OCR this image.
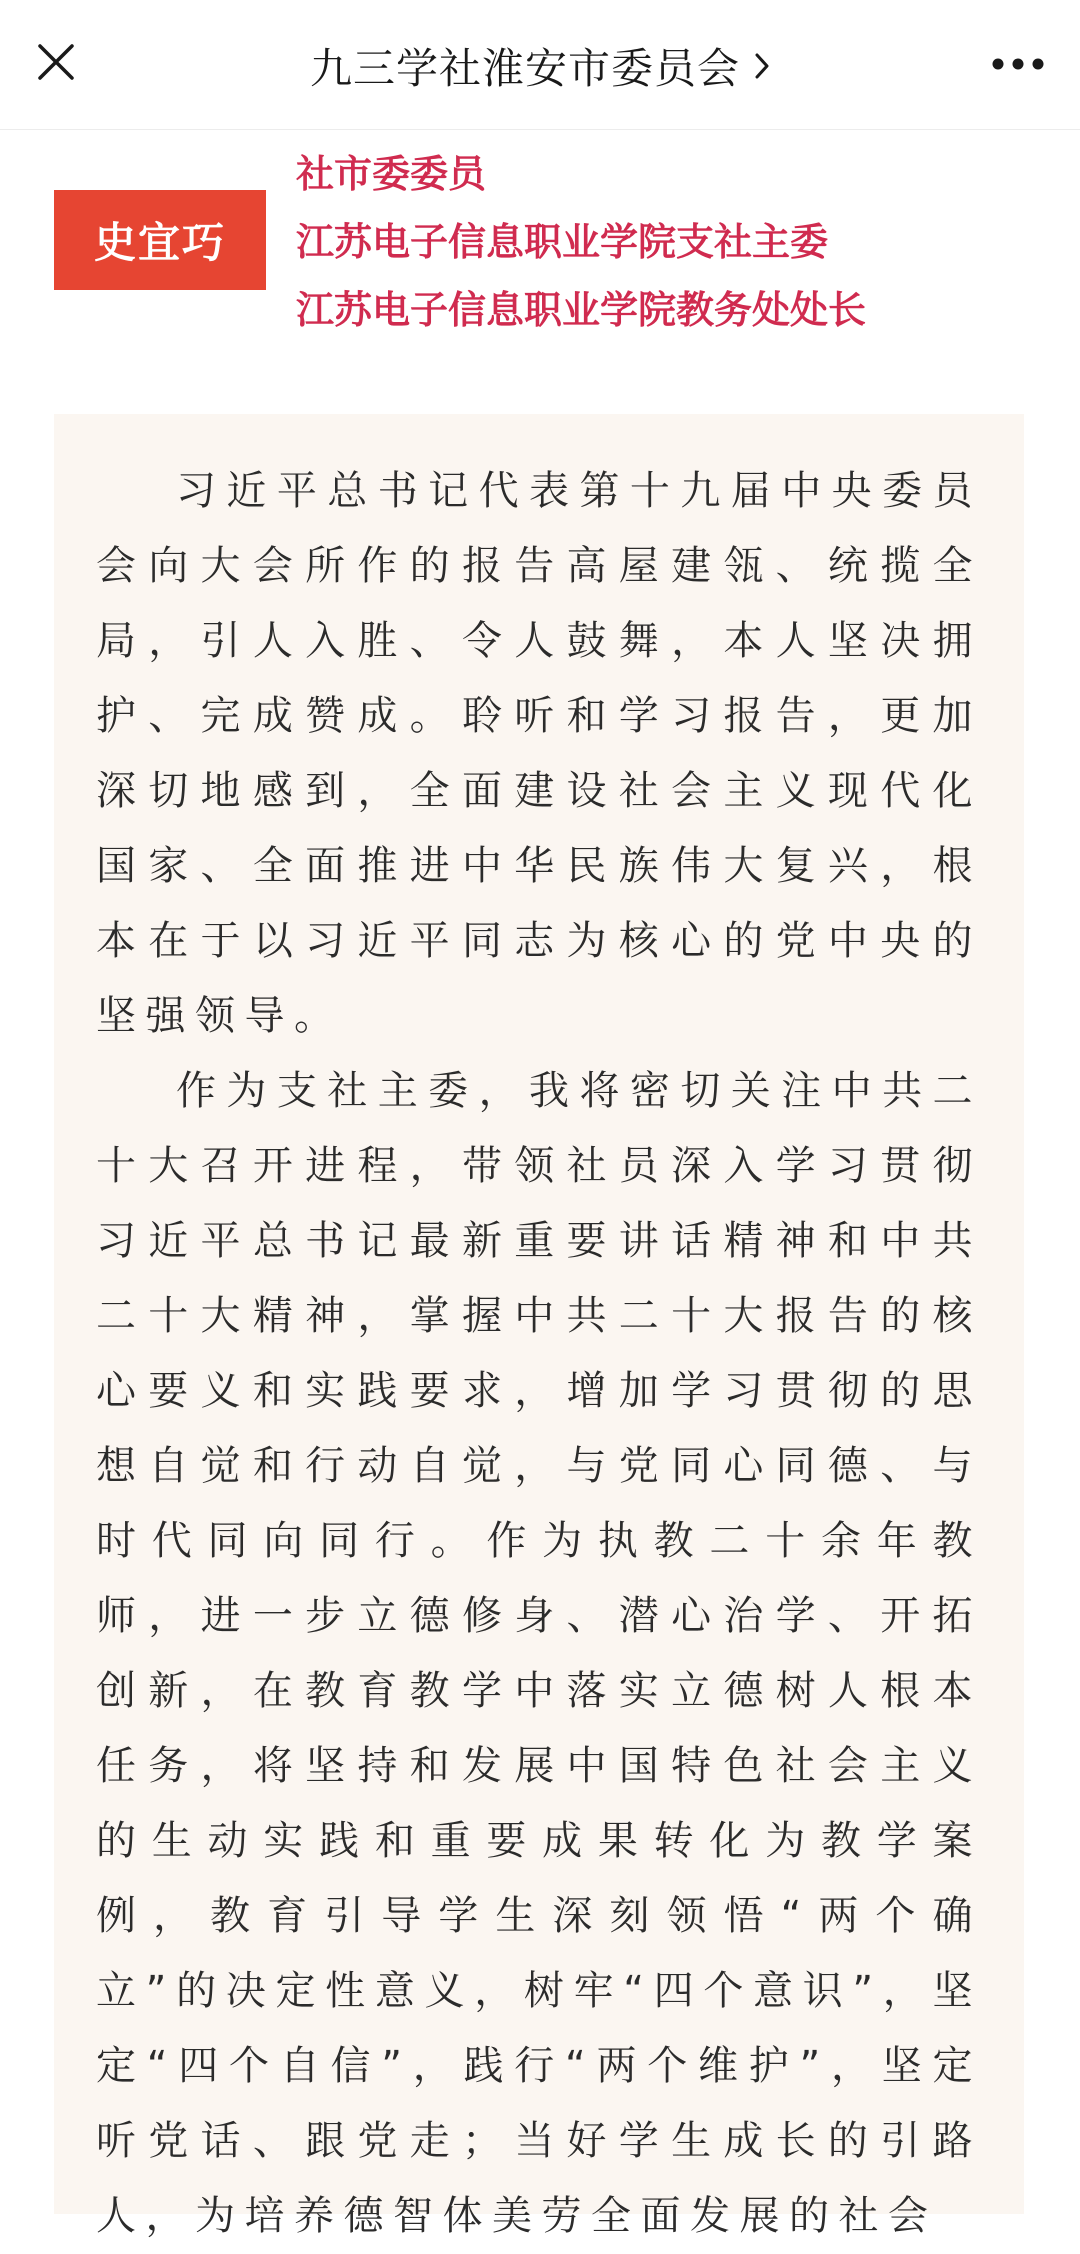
九三学社淮安市委员会
史宜巧
社市委委员
江苏电子信息职业学院支社主委
江苏电子信息职业学院教务处处长

习近平总书记代表第十九届中央委员会向大会所作的报告高屋建瓴、统揽全局，引人入胜、令人鼓舞，本人坚决拥护、完成赞成。聆听和学习报告，更加深切地感到，全面建设社会主义现代化国家、全面推进中华民族伟大复兴，根本在于以习近平同志为核心的党中央的坚强领导。

作为支社主委，我将密切关注中共二十大召开进程，带领社员深入学习贯彻习近平总书记最新重要讲话精神和中共二十大精神，掌握中共二十大报告的核心要义和实践要求，增加学习贯彻的思想自觉和行动自觉，与党同心同德、与时代同向同行。作为执教二十余年教师，进一步立德修身、潜心治学、开拓创新，在教育教学中落实立德树人根本任务，将坚持和发展中国特色社会主义的生动实践和重要成果转化为教学案例，教育引导学生深刻领悟“两个确立”的决定性意义，树牢“四个意识”，坚定“四个自信”，践行“两个维护”，坚定听党话、跟党走；当好学生成长的引路人，为培养德智体美劳全面发展的社会
